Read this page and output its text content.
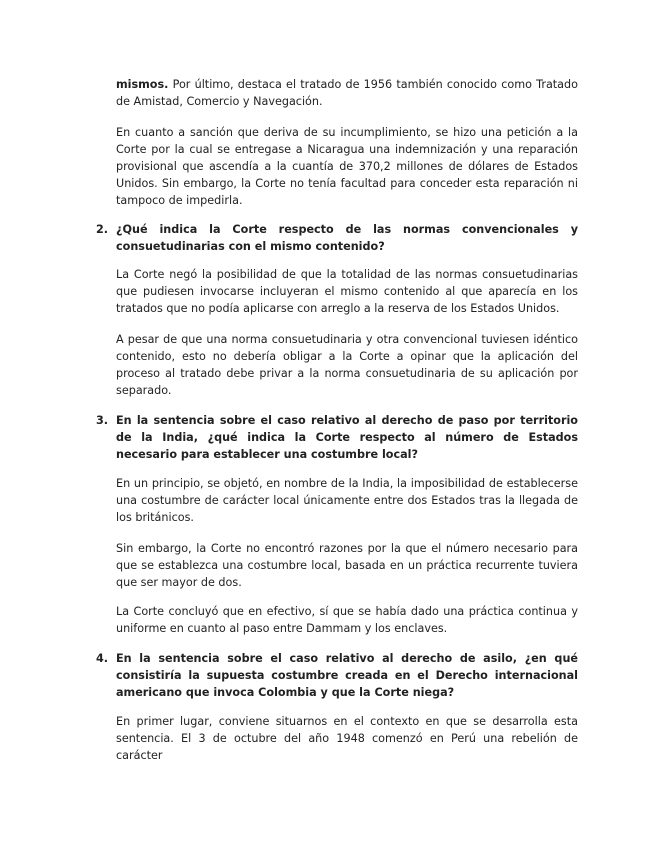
mismos. Por último, destaca el tratado de 1956 también conocido como Tratado de Amistad, Comercio y Navegación.

En cuanto a sanción que deriva de su incumplimiento, se hizo una petición a la Corte por la cual se entregase a Nicaragua una indemnización y una reparación provisional que ascendía a la cuantía de 370,2 millones de dólares de Estados Unidos. Sin embargo, la Corte no tenía facultad para conceder esta reparación ni tampoco de impedirla.

2. ¿Qué indica la Corte respecto de las normas convencionales y consuetudinarias con el mismo contenido?

La Corte negó la posibilidad de que la totalidad de las normas consuetudinarias que pudiesen invocarse incluyeran el mismo contenido al que aparecía en los tratados que no podía aplicarse con arreglo a la reserva de los Estados Unidos.

A pesar de que una norma consuetudinaria y otra convencional tuviesen idéntico contenido, esto no debería obligar a la Corte a opinar que la aplicación del proceso al tratado debe privar a la norma consuetudinaria de su aplicación por separado.

3. En la sentencia sobre el caso relativo al derecho de paso por territorio de la India, ¿qué indica la Corte respecto al número de Estados necesario para establecer una costumbre local?

En un principio, se objetó, en nombre de la India, la imposibilidad de establecerse una costumbre de carácter local únicamente entre dos Estados tras la llegada de los británicos.

Sin embargo, la Corte no encontró razones por la que el número necesario para que se establezca una costumbre local, basada en un práctica recurrente tuviera que ser mayor de dos.

La Corte concluyó que en efectivo, sí que se había dado una práctica continua y uniforme en cuanto al paso entre Dammam y los enclaves.

4. En la sentencia sobre el caso relativo al derecho de asilo, ¿en qué consistiría la supuesta costumbre creada en el Derecho internacional americano que invoca Colombia y que la Corte niega?

En primer lugar, conviene situarnos en el contexto en que se desarrolla esta sentencia. El 3 de octubre del año 1948 comenzó en Perú una rebelión de carácter
